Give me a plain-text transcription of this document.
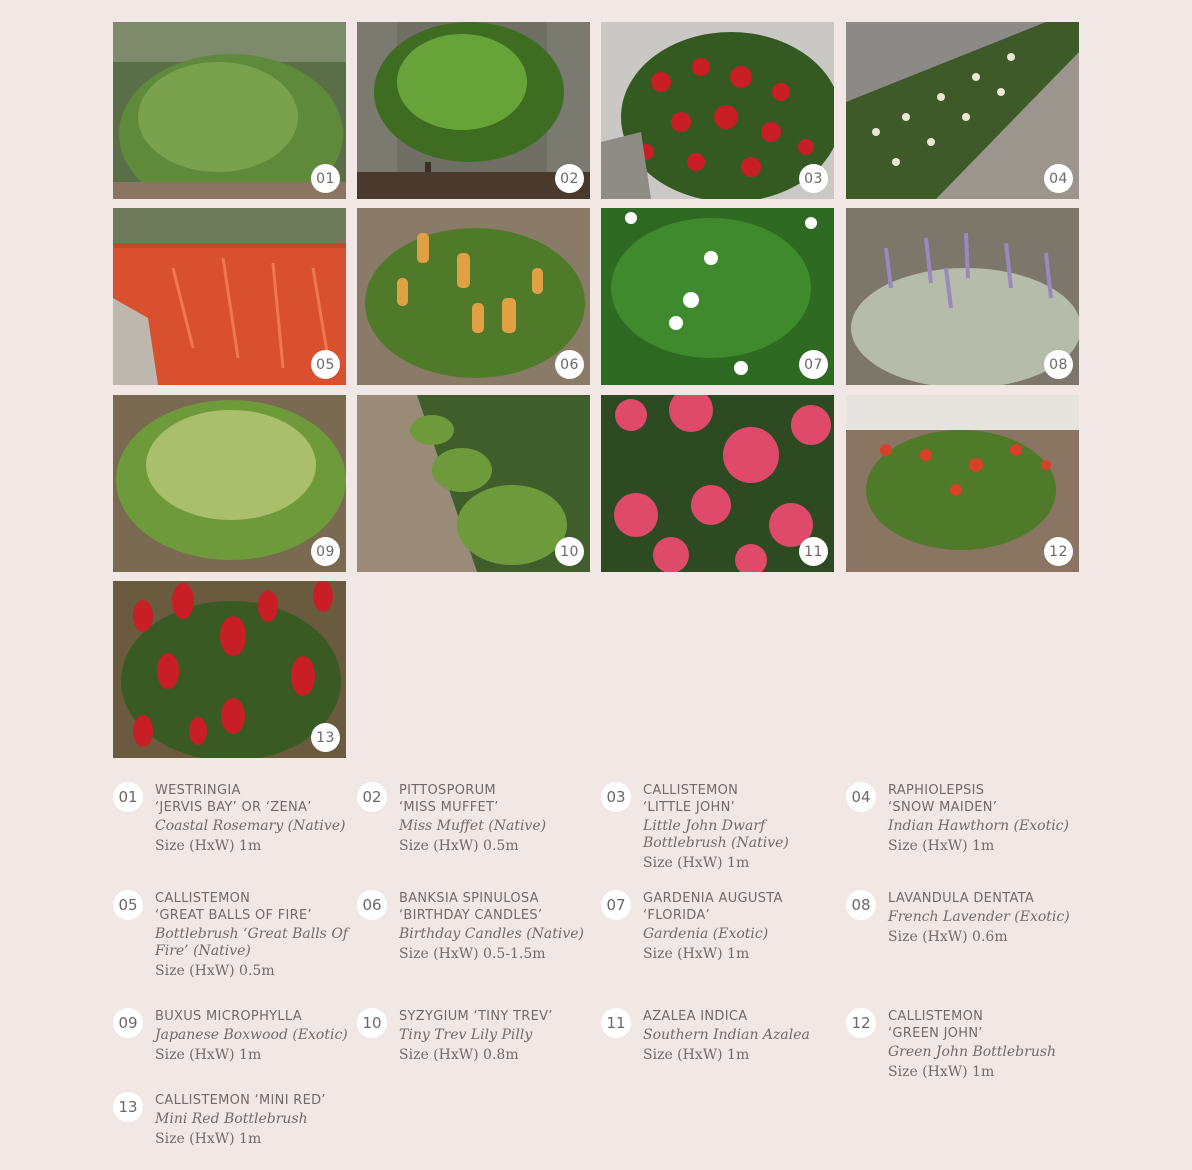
01	02	03	04
05	06	07	08
09	10	11	12
13
01	WESTRINGIA
‘JERVIS BAY’ OR ‘ZENA’
Coastal Rosemary (Native)
Size (HxW) 1m
02	PITTOSPORUM
‘MISS MUFFET’
Miss Muffet (Native)
Size (HxW) 0.5m
03	CALLISTEMON
‘LITTLE JOHN’
Little John Dwarf
Bottlebrush (Native)
Size (HxW) 1m
04	RAPHIOLEPSIS
‘SNOW MAIDEN’
Indian Hawthorn (Exotic)
Size (HxW) 1m
05	CALLISTEMON
‘GREAT BALLS OF FIRE’
Bottlebrush ‘Great Balls Of
Fire’ (Native)
Size (HxW) 0.5m
06	BANKSIA SPINULOSA
‘BIRTHDAY CANDLES’
Birthday Candles (Native)
Size (HxW) 0.5-1.5m
07	GARDENIA AUGUSTA
‘FLORIDA’
Gardenia (Exotic)
Size (HxW) 1m
08	LAVANDULA DENTATA
French Lavender (Exotic)
Size (HxW) 0.6m
09	BUXUS MICROPHYLLA
Japanese Boxwood (Exotic)
Size (HxW) 1m
10	SYZYGIUM ‘TINY TREV’
Tiny Trev Lily Pilly
Size (HxW) 0.8m
11	AZALEA INDICA
Southern Indian Azalea
Size (HxW) 1m
12	CALLISTEMON
‘GREEN JOHN’
Green John Bottlebrush
Size (HxW) 1m
13	CALLISTEMON ‘MINI RED’
Mini Red Bottlebrush
Size (HxW) 1m
